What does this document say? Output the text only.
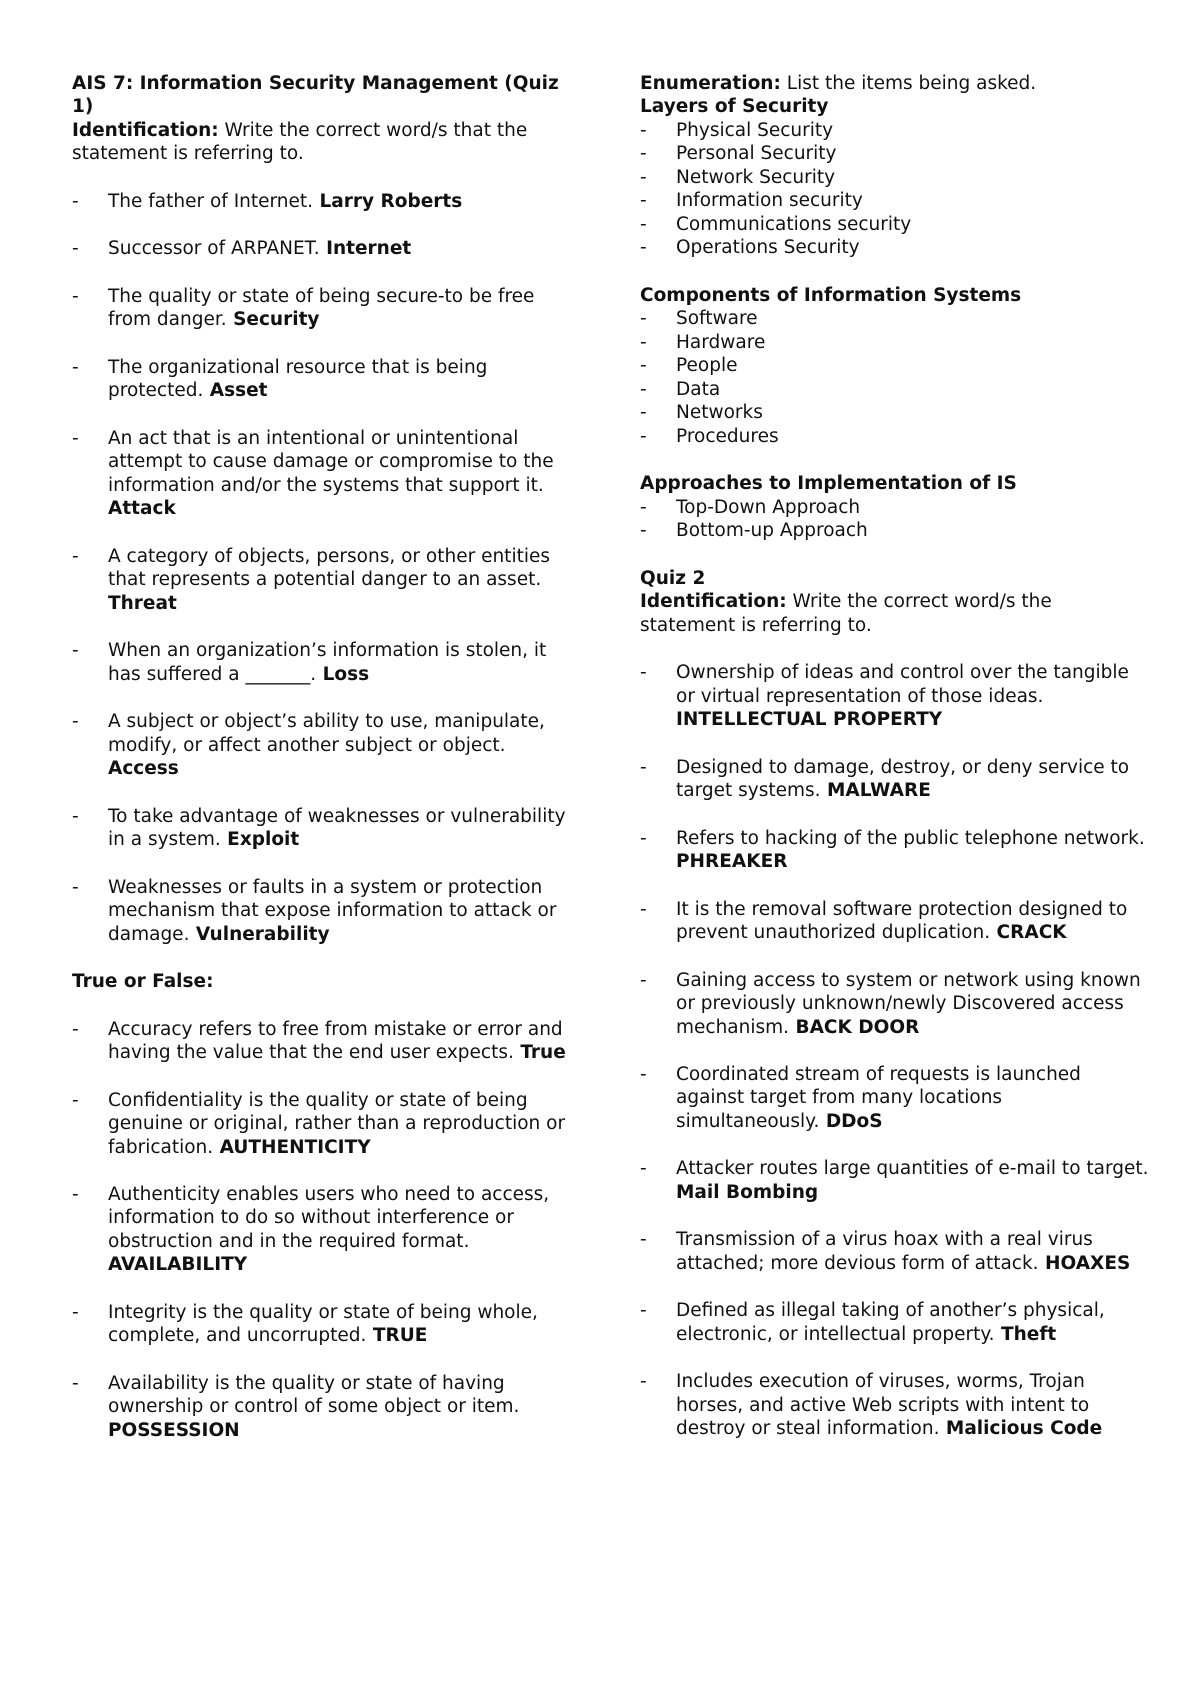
AIS 7: Information Security Management (Quiz 1)

Identification: Write the correct word/s that the statement is referring to.

- The father of Internet. Larry Roberts
- Successor of ARPANET. Internet
- The quality or state of being secure-to be free from danger. Security
- The organizational resource that is being protected. Asset
- An act that is an intentional or unintentional attempt to cause damage or compromise to the information and/or the systems that support it. Attack
- A category of objects, persons, or other entities that represents a potential danger to an asset. Threat
- When an organization’s information is stolen, it has suffered a _______. Loss
- A subject or object’s ability to use, manipulate, modify, or affect another subject or object. Access
- To take advantage of weaknesses or vulnerability in a system. Exploit
- Weaknesses or faults in a system or protection mechanism that expose information to attack or damage. Vulnerability

True or False:

- Accuracy refers to free from mistake or error and having the value that the end user expects. True
- Confidentiality is the quality or state of being genuine or original, rather than a reproduction or fabrication. AUTHENTICITY
- Authenticity enables users who need to access, information to do so without interference or obstruction and in the required format. AVAILABILITY
- Integrity is the quality or state of being whole, complete, and uncorrupted. TRUE
- Availability is the quality or state of having ownership or control of some object or item. POSSESSION

Enumeration: List the items being asked.

Layers of Security

- Physical Security
- Personal Security
- Network Security
- Information security
- Communications security
- Operations Security

Components of Information Systems

- Software
- Hardware
- People
- Data
- Networks
- Procedures

Approaches to Implementation of IS

- Top-Down Approach
- Bottom-up Approach

Quiz 2

Identification: Write the correct word/s the statement is referring to.

- Ownership of ideas and control over the tangible or virtual representation of those ideas. INTELLECTUAL PROPERTY
- Designed to damage, destroy, or deny service to target systems. MALWARE
- Refers to hacking of the public telephone network. PHREAKER
- It is the removal software protection designed to prevent unauthorized duplication. CRACK
- Gaining access to system or network using known or previously unknown/newly Discovered access mechanism. BACK DOOR
- Coordinated stream of requests is launched against target from many locations simultaneously. DDoS
- Attacker routes large quantities of e-mail to target. Mail Bombing
- Transmission of a virus hoax with a real virus attached; more devious form of attack. HOAXES
- Defined as illegal taking of another’s physical, electronic, or intellectual property. Theft
- Includes execution of viruses, worms, Trojan horses, and active Web scripts with intent to destroy or steal information. Malicious Code
